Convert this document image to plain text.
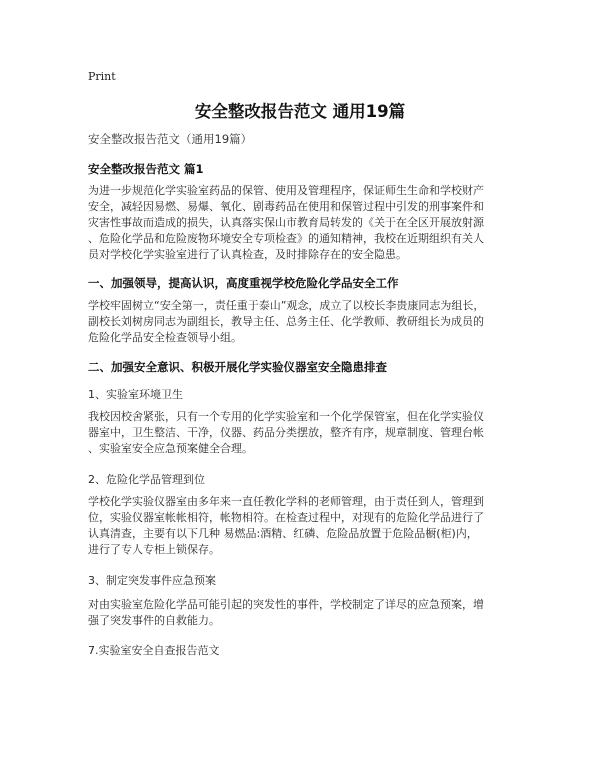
Print
安全整改报告范文 通用19篇
安全整改报告范文（通用19篇）
安全整改报告范文 篇1
为进一步规范化学实验室药品的保管、使用及管理程序，保证师生生命和学校财产
安全，减轻因易燃、易爆、氧化、剧毒药品在使用和保管过程中引发的刑事案件和
灾害性事故而造成的损失，认真落实保山市教育局转发的《关于在全区开展放射源
、危险化学品和危险废物环境安全专项检查》的通知精神，我校在近期组织有关人
员对学校化学实验室进行了认真检查，及时排除存在的安全隐患。
一、加强领导，提高认识，高度重视学校危险化学品安全工作
学校牢固树立“安全第一，责任重于泰山”观念，成立了以校长李贵康同志为组长，
副校长刘树房同志为副组长，教导主任、总务主任、化学教师、教研组长为成员的
危险化学品安全检查领导小组。
二、加强安全意识、积极开展化学实验仪器室安全隐患排查
1、实验室环境卫生
我校因校舍紧张，只有一个专用的化学实验室和一个化学保管室，但在化学实验仪
器室中，卫生整洁、干净，仪器、药品分类摆放，整齐有序，规章制度、管理台帐
、实验室安全应急预案健全合理。
2、危险化学品管理到位
学校化学实验仪器室由多年来一直任教化学科的老师管理，由于责任到人，管理到
位，实验仪器室帐帐相符，帐物相符。在检查过程中，对现有的危险化学品进行了
认真清查，主要有以下几种 易燃品:酒精、红磷、危险品放置于危险品橱(柜)内，
进行了专人专柜上锁保存。
3、制定突发事件应急预案
对由实验室危险化学品可能引起的突发性的事件，学校制定了详尽的应急预案，增
强了突发事件的自救能力。
7.实验室安全自查报告范文
